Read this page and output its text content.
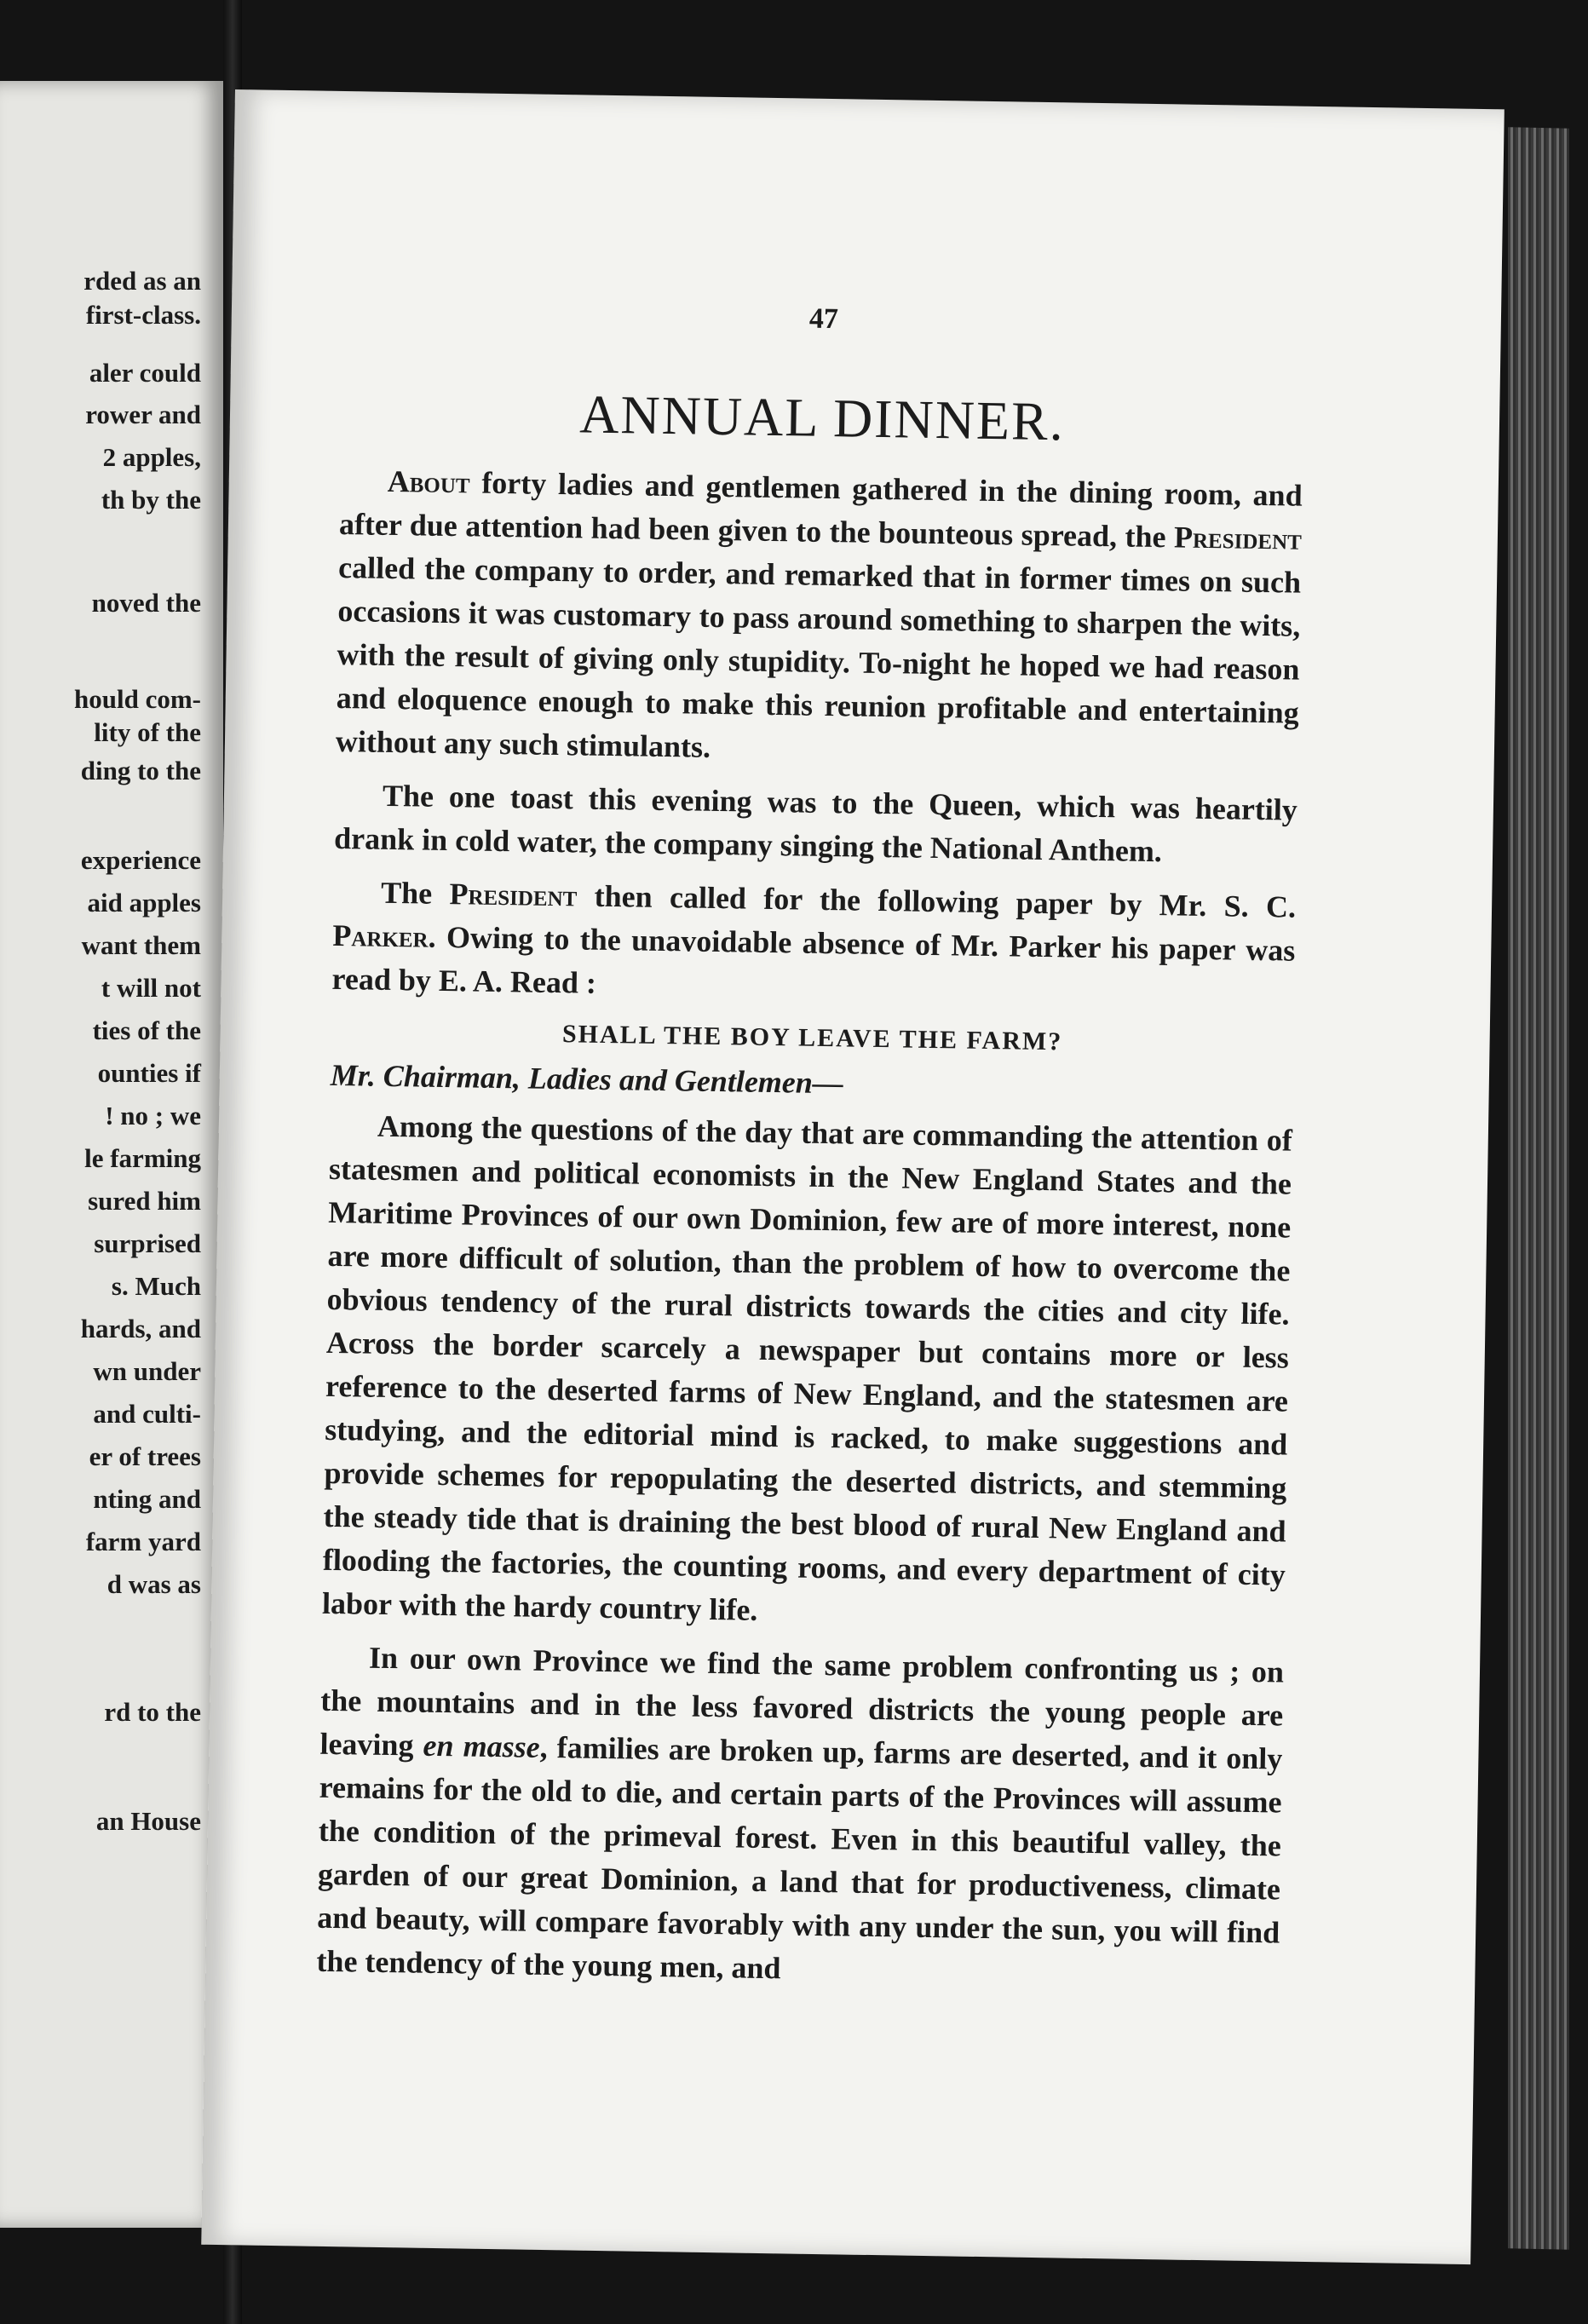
rded as an
first-class.
aler could
rower and
2 apples,
th by the
noved the
hould com-
lity of the
ding to the
experience
aid apples
want them
t will not
ties of the
ounties if
! no ; we
le farming
sured him
surprised
s. Much
hards, and
wn under
and culti-
er of trees
nting and
farm yard
d was as
rd to the
an House
47
ANNUAL DINNER.

About forty ladies and gentlemen gathered in the dining room, and after due attention had been given to the bounteous spread, the President called the company to order, and remarked that in former times on such occasions it was customary to pass around something to sharpen the wits, with the result of giving only stupidity. To-night he hoped we had reason and eloquence enough to make this reunion profitable and entertaining without any such stimulants.

The one toast this evening was to the Queen, which was heartily drank in cold water, the company singing the National Anthem.

The President then called for the following paper by Mr. S. C. Parker. Owing to the unavoidable absence of Mr. Parker his paper was read by E. A. Read :

SHALL THE BOY LEAVE THE FARM?
Mr. Chairman, Ladies and Gentlemen—

Among the questions of the day that are commanding the attention of statesmen and political economists in the New England States and the Maritime Provinces of our own Dominion, few are of more interest, none are more difficult of solution, than the problem of how to overcome the obvious tendency of the rural districts towards the cities and city life. Across the border scarcely a newspaper but contains more or less reference to the deserted farms of New England, and the statesmen are studying, and the editorial mind is racked, to make suggestions and provide schemes for repopulating the deserted districts, and stemming the steady tide that is draining the best blood of rural New England and flooding the factories, the counting rooms, and every department of city labor with the hardy country life.

In our own Province we find the same problem confronting us ; on the mountains and in the less favored districts the young people are leaving en masse, families are broken up, farms are deserted, and it only remains for the old to die, and certain parts of the Provinces will assume the condition of the primeval forest. Even in this beautiful valley, the garden of our great Dominion, a land that for productiveness, climate and beauty, will compare favorably with any under the sun, you will find the tendency of the young men, and
